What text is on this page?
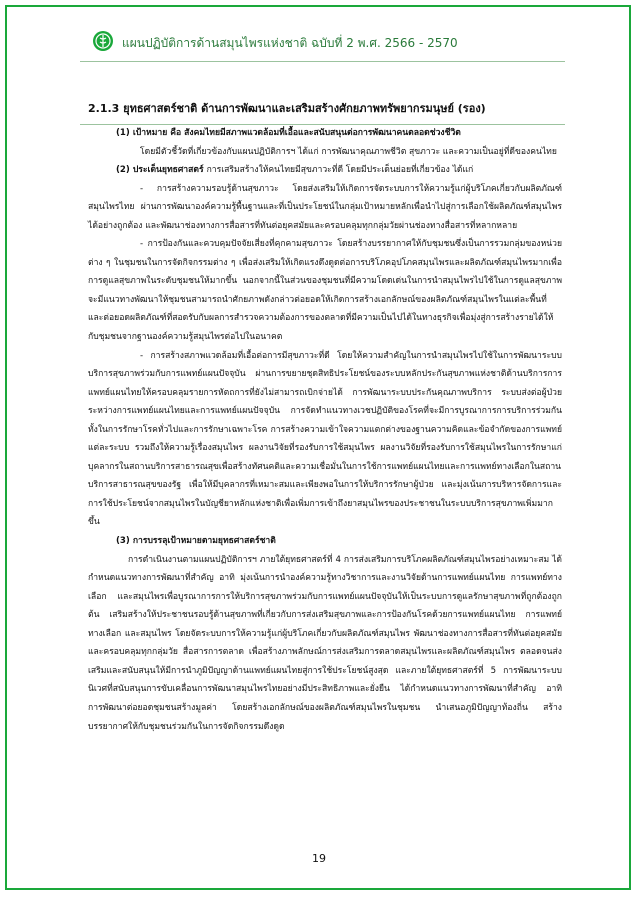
แผนปฏิบัติการด้านสมุนไพรแห่งชาติ ฉบับที่ 2 พ.ศ. 2566 - 2570
2.1.3 ยุทธศาสตร์ชาติ ด้านการพัฒนาและเสริมสร้างศักยภาพทรัพยากรมนุษย์ (รอง)

(1) เป้าหมาย คือ สังคมไทยมีสภาพแวดล้อมที่เอื้อและสนับสนุนต่อการพัฒนาคนตลอดช่วงชีวิต

โดยมีตัวชี้วัดที่เกี่ยวข้องกับแผนปฏิบัติการฯ ได้แก่ การพัฒนาคุณภาพชีวิต สุขภาวะ และความเป็นอยู่ที่ดีของคนไทย

(2) ประเด็นยุทธศาสตร์ การเสริมสร้างให้คนไทยมีสุขภาวะที่ดี โดยมีประเด็นย่อยที่เกี่ยวข้อง ได้แก่

- การสร้างความรอบรู้ด้านสุขภาวะ โดยส่งเสริมให้เกิดการจัดระบบการให้ความรู้แก่ผู้บริโภคเกี่ยวกับผลิตภัณฑ์สมุนไพรไทย ผ่านการพัฒนาองค์ความรู้พื้นฐานและที่เป็นประโยชน์ในกลุ่มเป้าหมายหลักเพื่อนำไปสู่การเลือกใช้ผลิตภัณฑ์สมุนไพรได้อย่างถูกต้อง และพัฒนาช่องทางการสื่อสารที่ทันต่อยุคสมัยและครอบคลุมทุกกลุ่มวัยผ่านช่องทางสื่อสารที่หลากหลาย

- การป้องกันและควบคุมปัจจัยเสี่ยงที่คุกคามสุขภาวะ โดยสร้างบรรยากาศให้กับชุมชนซึ่งเป็นการรวมกลุ่มของหน่วยต่าง ๆ ในชุมชนในการจัดกิจกรรมต่าง ๆ เพื่อส่งเสริมให้เกิดแรงดึงดูดต่อการบริโภคอุปโภคสมุนไพรและผลิตภัณฑ์สมุนไพรมากเพื่อการดูแลสุขภาพในระดับชุมชนให้มากขึ้น นอกจากนี้ในส่วนของชุมชนที่มีความโดดเด่นในการนำสมุนไพรไปใช้ในการดูแลสุขภาพจะมีแนวทางพัฒนาให้ชุมชนสามารถนำศักยภาพดังกล่าวต่อยอดให้เกิดการสร้างเอกลักษณ์ของผลิตภัณฑ์สมุนไพรในแต่ละพื้นที่และต่อยอดผลิตภัณฑ์ที่สอดรับกับผลการสำรวจความต้องการของตลาดที่มีความเป็นไปได้ในทางธุรกิจเพื่อมุ่งสู่การสร้างรายได้ให้กับชุมชนจากฐานองค์ความรู้สมุนไพรต่อไปในอนาคต

- การสร้างสภาพแวดล้อมที่เอื้อต่อการมีสุขภาวะที่ดี โดยให้ความสำคัญในการนำสมุนไพรไปใช้ในการพัฒนาระบบบริการสุขภาพร่วมกับการแพทย์แผนปัจจุบัน ผ่านการขยายชุดสิทธิประโยชน์ของระบบหลักประกันสุขภาพแห่งชาติด้านบริการการแพทย์แผนไทยให้ครอบคลุมรายการหัตถการที่ยังไม่สามารถเบิกจ่ายได้ การพัฒนาระบบประกันคุณภาพบริการ ระบบส่งต่อผู้ป่วยระหว่างการแพทย์แผนไทยและการแพทย์แผนปัจจุบัน การจัดทำแนวทางเวชปฏิบัติของโรคที่จะมีการบูรณาการการบริการร่วมกันทั้งในการรักษาโรคทั่วไปและการรักษาเฉพาะโรค การสร้างความเข้าใจความแตกต่างของฐานความคิดและข้อจำกัดของการแพทย์แต่ละระบบ รวมถึงให้ความรู้เรื่องสมุนไพร ผลงานวิจัยที่รองรับการใช้สมุนไพร ผลงานวิจัยที่รองรับการใช้สมุนไพรในการรักษาแก่บุคลากรในสถานบริการสาธารณสุขเพื่อสร้างทัศนคติและความเชื่อมั่นในการใช้การแพทย์แผนไทยและการแพทย์ทางเลือกในสถานบริการสาธารณสุขของรัฐ เพื่อให้มีบุคลากรที่เหมาะสมและเพียงพอในการให้บริการรักษาผู้ป่วย และมุ่งเน้นการบริหารจัดการและการใช้ประโยชน์จากสมุนไพรในบัญชียาหลักแห่งชาติเพื่อเพิ่มการเข้าถึงยาสมุนไพรของประชาชนในระบบบริการสุขภาพเพิ่มมากขึ้น

(3) การบรรลุเป้าหมายตามยุทธศาสตร์ชาติ

การดำเนินงานตามแผนปฏิบัติการฯ ภายใต้ยุทธศาสตร์ที่ 4 การส่งเสริมการบริโภคผลิตภัณฑ์สมุนไพรอย่างเหมาะสม ได้กำหนดแนวทางการพัฒนาที่สำคัญ อาทิ มุ่งเน้นการนำองค์ความรู้ทางวิชาการและงานวิจัยด้านการแพทย์แผนไทย การแพทย์ทางเลือก และสมุนไพรเพื่อบูรณาการการให้บริการสุขภาพร่วมกับการแพทย์แผนปัจจุบันให้เป็นระบบการดูแลรักษาสุขภาพที่ถูกต้องถูกต้น เสริมสร้างให้ประชาชนรอบรู้ด้านสุขภาพที่เกี่ยวกับการส่งเสริมสุขภาพและการป้องกันโรคด้วยการแพทย์แผนไทย การแพทย์ทางเลือก และสมุนไพร โดยจัดระบบการให้ความรู้แก่ผู้บริโภคเกี่ยวกับผลิตภัณฑ์สมุนไพร พัฒนาช่องทางการสื่อสารที่ทันต่อยุคสมัยและครอบคลุมทุกกลุ่มวัย สื่อสารการตลาด เพื่อสร้างภาพลักษณ์การส่งเสริมการตลาดสมุนไพรและผลิตภัณฑ์สมุนไพร ตลอดจนส่งเสริมและสนับสนุนให้มีการนำภูมิปัญญาด้านแพทย์แผนไทยสู่การใช้ประโยชน์สูงสุด และภายใต้ยุทธศาสตร์ที่ 5 การพัฒนาระบบนิเวศที่สนับสนุนการขับเคลื่อนการพัฒนาสมุนไพรไทยอย่างมีประสิทธิภาพและยั่งยืน ได้กำหนดแนวทางการพัฒนาที่สำคัญ อาทิ การพัฒนาต่อยอดชุมชนสร้างมูลค่า โดยสร้างเอกลักษณ์ของผลิตภัณฑ์สมุนไพรในชุมชน นำเสนอภูมิปัญญาท้องถิ่น สร้างบรรยากาศให้กับชุมชนร่วมกันในการจัดกิจกรรมดึงดูด

19
